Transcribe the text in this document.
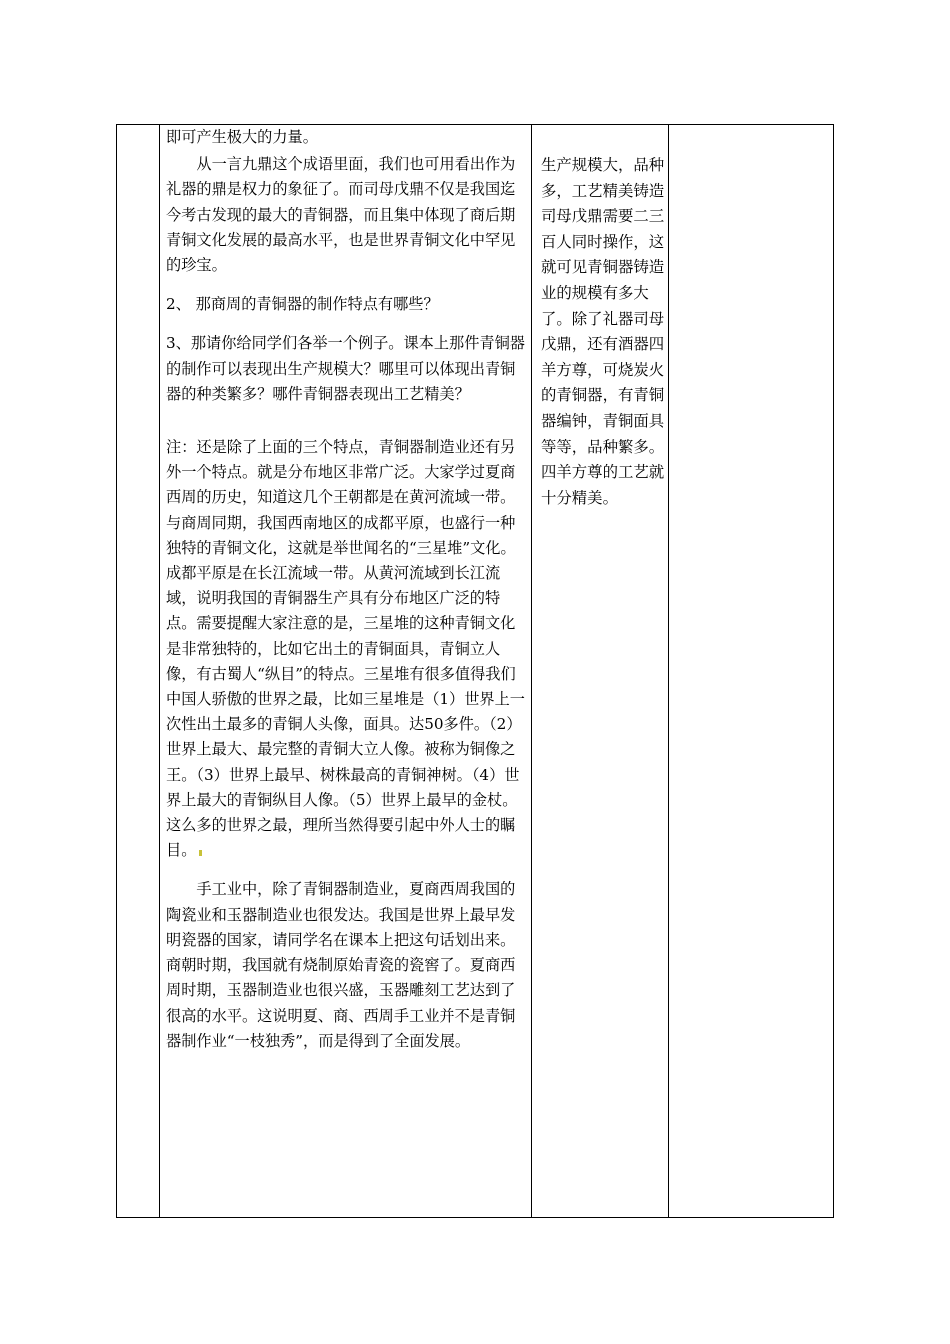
即可产生极大的力量。

从一言九鼎这个成语里面，我们也可用看出作为礼器的鼎是权力的象征了。而司母戊鼎不仅是我国迄今考古发现的最大的青铜器，而且集中体现了商后期青铜文化发展的最高水平，也是世界青铜文化中罕见的珍宝。

2、 那商周的青铜器的制作特点有哪些？

3、那请你给同学们各举一个例子。课本上那件青铜器的制作可以表现出生产规模大？哪里可以体现出青铜器的种类繁多？哪件青铜器表现出工艺精美？

注：还是除了上面的三个特点，青铜器制造业还有另外一个特点。就是分布地区非常广泛。大家学过夏商西周的历史，知道这几个王朝都是在黄河流域一带。与商周同期，我国西南地区的成都平原，也盛行一种独特的青铜文化，这就是举世闻名的“三星堆”文化。成都平原是在长江流域一带。从黄河流域到长江流域，说明我国的青铜器生产具有分布地区广泛的特点。需要提醒大家注意的是，三星堆的这种青铜文化是非常独特的，比如它出土的青铜面具，青铜立人像，有古蜀人“纵目”的特点。三星堆有很多值得我们中国人骄傲的世界之最，比如三星堆是（1）世界上一次性出土最多的青铜人头像，面具。达50多件。（2）世界上最大、最完整的青铜大立人像。被称为铜像之王。（3）世界上最早、树株最高的青铜神树。（4）世界上最大的青铜纵目人像。（5）世界上最早的金杖。这么多的世界之最，理所当然得要引起中外人士的瞩目。

手工业中，除了青铜器制造业，夏商西周我国的陶瓷业和玉器制造业也很发达。我国是世界上最早发明瓷器的国家，请同学名在课本上把这句话划出来。商朝时期，我国就有烧制原始青瓷的瓷窖了。夏商西周时期，玉器制造业也很兴盛，玉器雕刻工艺达到了很高的水平。这说明夏、商、西周手工业并不是青铜器制作业“一枝独秀”，而是得到了全面发展。

生产规模大，品种多，工艺精美铸造司母戊鼎需要二三百人同时操作，这就可见青铜器铸造业的规模有多大了。除了礼器司母戊鼎，还有酒器四羊方尊，可烧炭火的青铜器，有青铜器编钟，青铜面具等等，品种繁多。四羊方尊的工艺就十分精美。
